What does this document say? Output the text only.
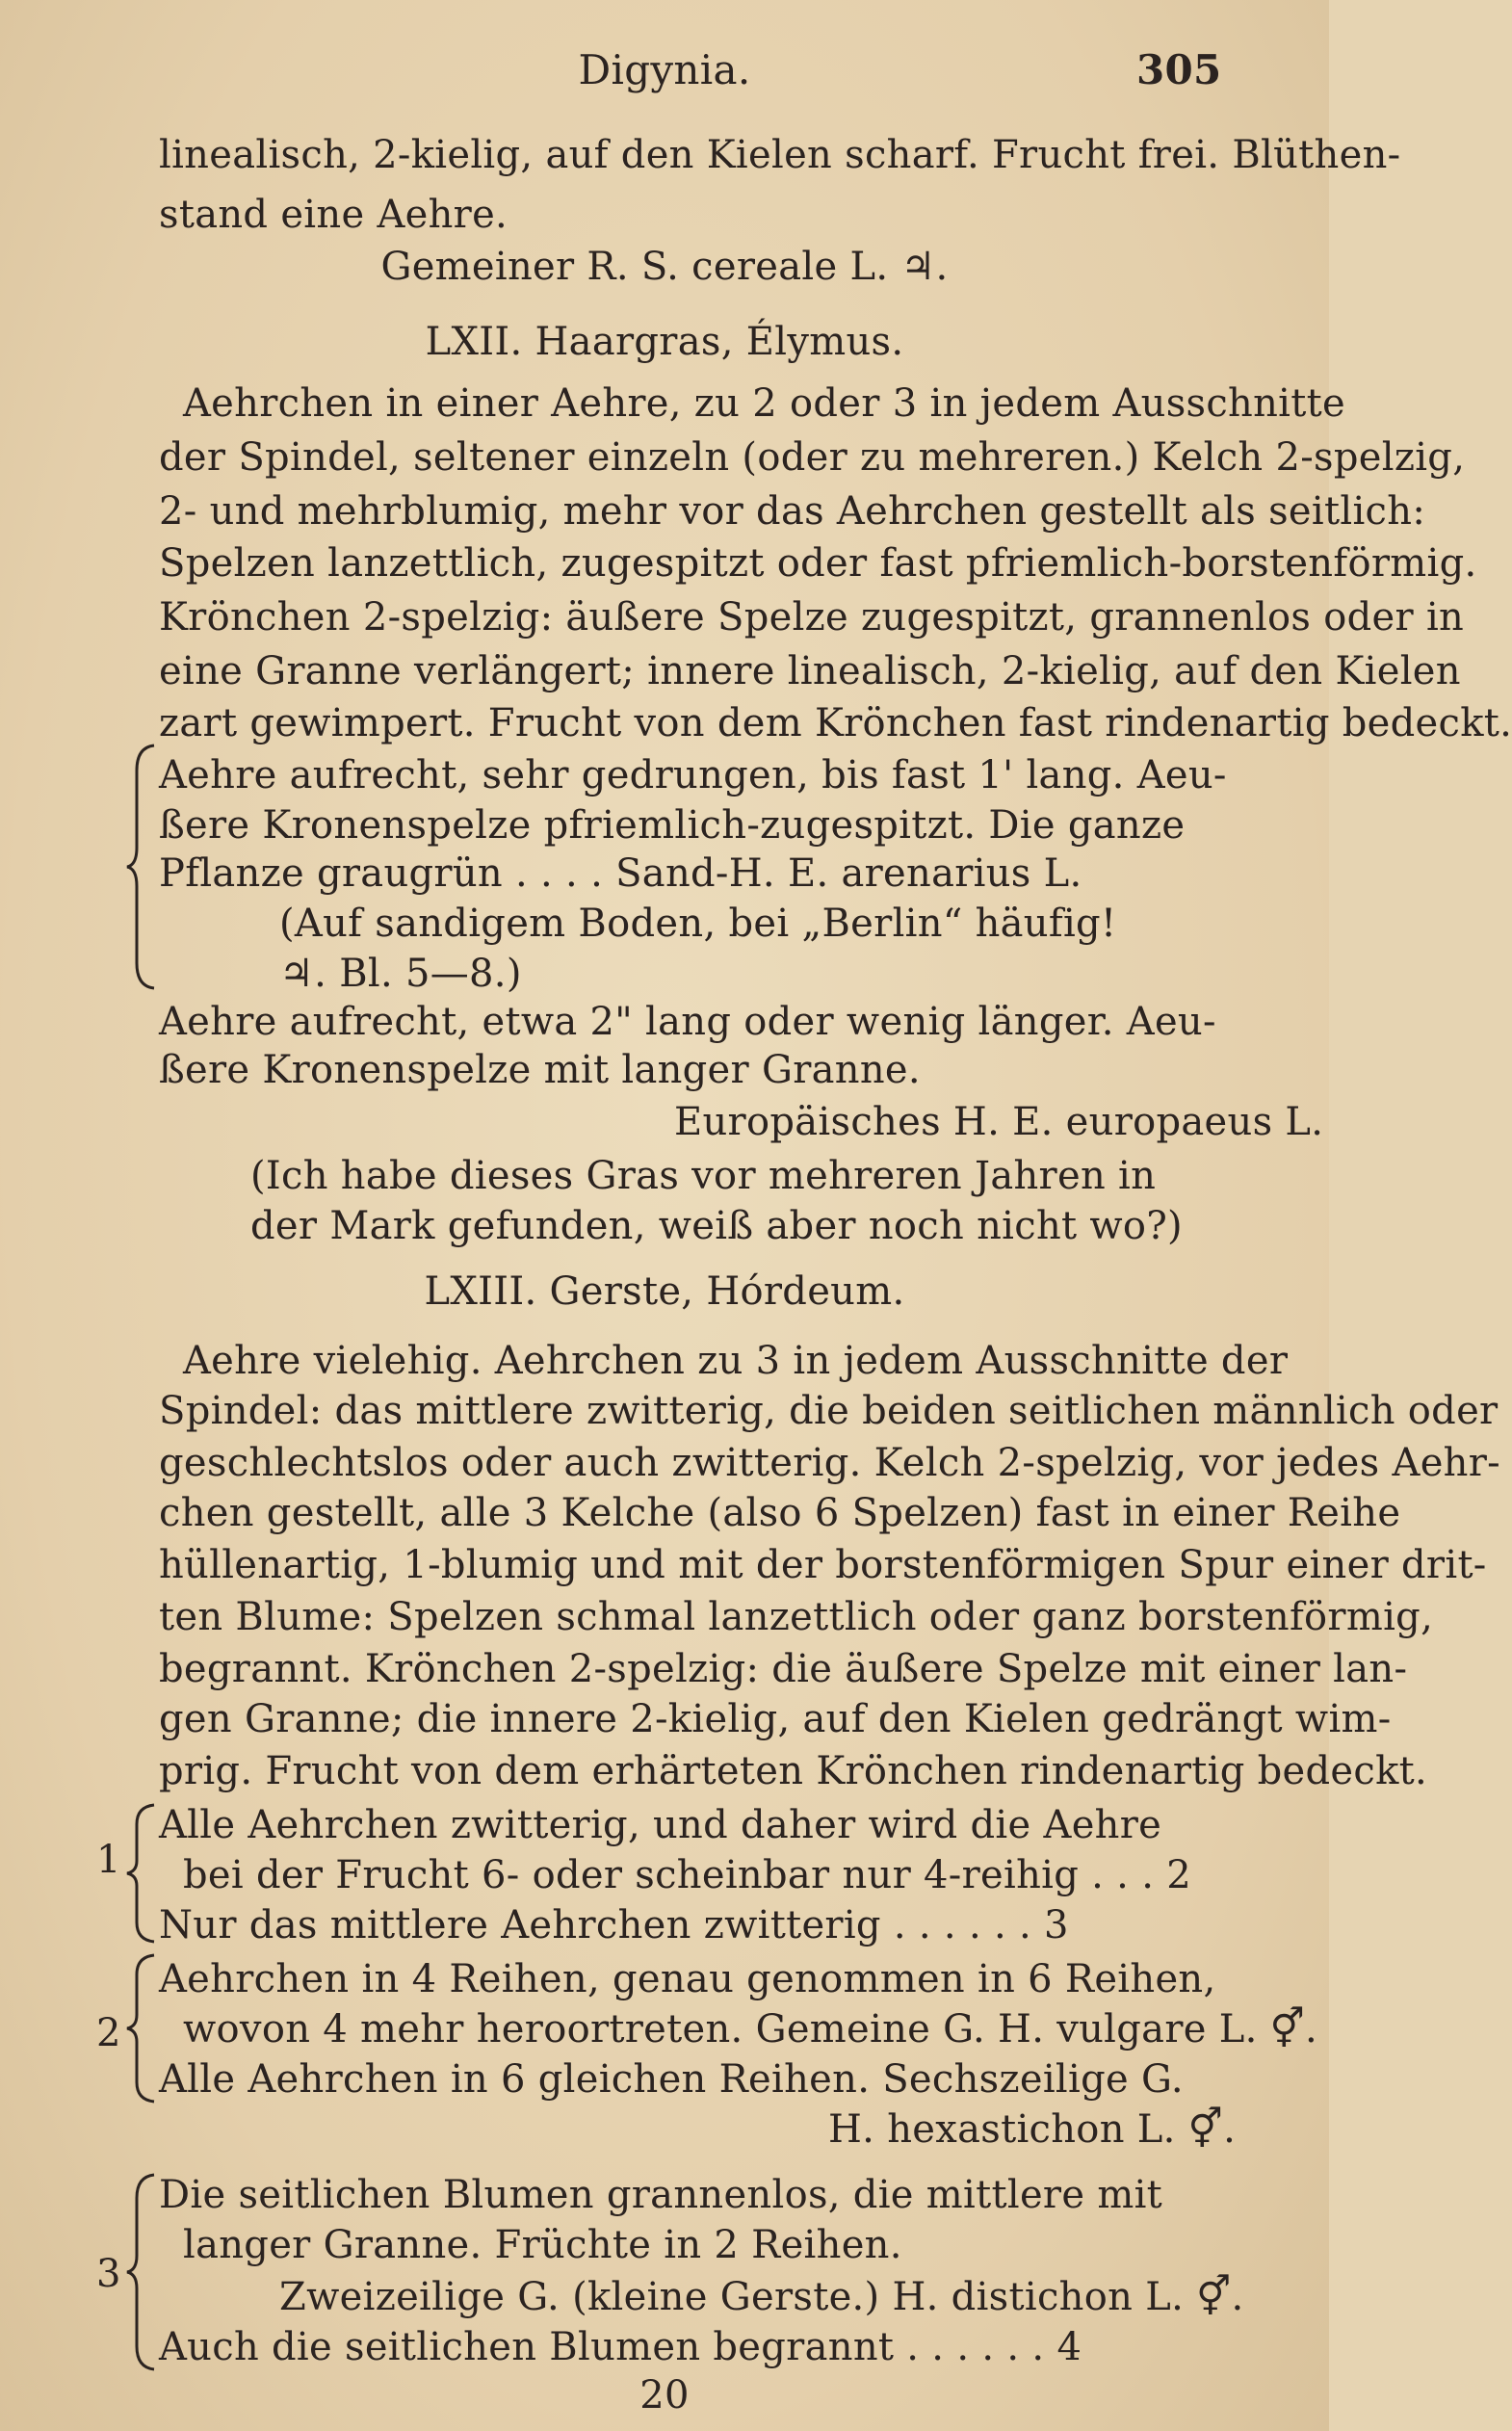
Digynia.	305
linealisch, 2-kielig, auf den Kielen scharf. Frucht frei. Blüthen-
stand eine Aehre.
Gemeiner R. S. cereale L. ♃.
LXII. Haargras, Élymus.
Aehrchen in einer Aehre, zu 2 oder 3 in jedem Ausschnitte
der Spindel, seltener einzeln (oder zu mehreren.) Kelch 2-spelzig,
2- und mehrblumig, mehr vor das Aehrchen gestellt als seitlich:
Spelzen lanzettlich, zugespitzt oder fast pfriemlich-borstenförmig.
Krönchen 2-spelzig: äußere Spelze zugespitzt, grannenlos oder in
eine Granne verlängert; innere linealisch, 2-kielig, auf den Kielen
zart gewimpert. Frucht von dem Krönchen fast rindenartig bedeckt.
Aehre aufrecht, sehr gedrungen, bis fast 1' lang. Aeu-
ßere Kronenspelze pfriemlich-zugespitzt. Die ganze
Pflanze graugrün . . . . Sand-H. E. arenarius L.
(Auf sandigem Boden, bei „Berlin“ häufig!
♃. Bl. 5—8.)
Aehre aufrecht, etwa 2" lang oder wenig länger. Aeu-
ßere Kronenspelze mit langer Granne.
Europäisches H. E. europaeus L.
(Ich habe dieses Gras vor mehreren Jahren in
der Mark gefunden, weiß aber noch nicht wo?)
LXIII. Gerste, Hórdeum.
Aehre vielehig. Aehrchen zu 3 in jedem Ausschnitte der
Spindel: das mittlere zwitterig, die beiden seitlichen männlich oder
geschlechtslos oder auch zwitterig. Kelch 2-spelzig, vor jedes Aehr-
chen gestellt, alle 3 Kelche (also 6 Spelzen) fast in einer Reihe
hüllenartig, 1-blumig und mit der borstenförmigen Spur einer drit-
ten Blume: Spelzen schmal lanzettlich oder ganz borstenförmig,
begrannt. Krönchen 2-spelzig: die äußere Spelze mit einer lan-
gen Granne; die innere 2-kielig, auf den Kielen gedrängt wim-
prig. Frucht von dem erhärteten Krönchen rindenartig bedeckt.
1
Alle Aehrchen zwitterig, und daher wird die Aehre
bei der Frucht 6- oder scheinbar nur 4-reihig . . . 2
Nur das mittlere Aehrchen zwitterig . . . . . . 3
2
Aehrchen in 4 Reihen, genau genommen in 6 Reihen,
wovon 4 mehr heroortreten. Gemeine G. H. vulgare L. ⚥.
Alle Aehrchen in 6 gleichen Reihen. Sechszeilige G.
H. hexastichon L. ⚥.
3
Die seitlichen Blumen grannenlos, die mittlere mit
langer Granne. Früchte in 2 Reihen.
Zweizeilige G. (kleine Gerste.) H. distichon L. ⚥.
Auch die seitlichen Blumen begrannt . . . . . . 4
20
